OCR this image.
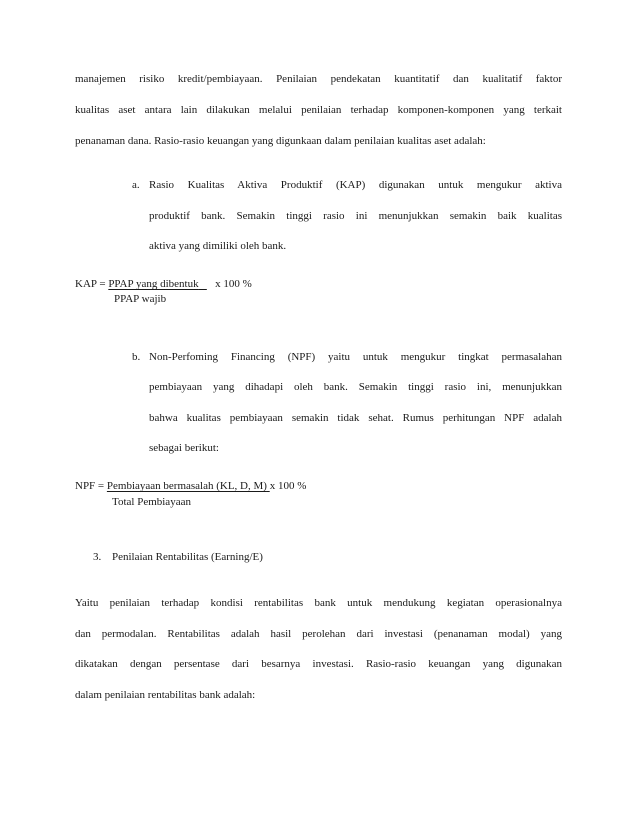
manajemen risiko kredit/pembiayaan. Penilaian pendekatan kuantitatif dan kualitatif faktor
kualitas aset antara lain dilakukan melalui penilaian terhadap komponen-komponen yang terkait
penanaman dana. Rasio-rasio keuangan yang digunkaan dalam penilaian kualitas aset adalah:
a. Rasio Kualitas Aktiva Produktif (KAP) digunakan untuk mengukur aktiva
produktif bank. Semakin tinggi rasio ini menunjukkan semakin baik kualitas
aktiva yang dimiliki oleh bank.
KAP = PPAP yang dibentuk x 100 %
PPAP wajib
b. Non-Perfoming Financing (NPF) yaitu untuk mengukur tingkat permasalahan
pembiayaan yang dihadapi oleh bank. Semakin tinggi rasio ini, menunjukkan
bahwa kualitas pembiayaan semakin tidak sehat. Rumus perhitungan NPF adalah
sebagai berikut:
NPF = Pembiayaan bermasalah (KL, D, M) x 100 %
Total Pembiayaan
3. Penilaian Rentabilitas (Earning/E)
Yaitu penilaian terhadap kondisi rentabilitas bank untuk mendukung kegiatan operasionalnya
dan permodalan. Rentabilitas adalah hasil perolehan dari investasi (penanaman modal) yang
dikatakan dengan persentase dari besarnya investasi. Rasio-rasio keuangan yang digunakan
dalam penilaian rentabilitas bank adalah:
